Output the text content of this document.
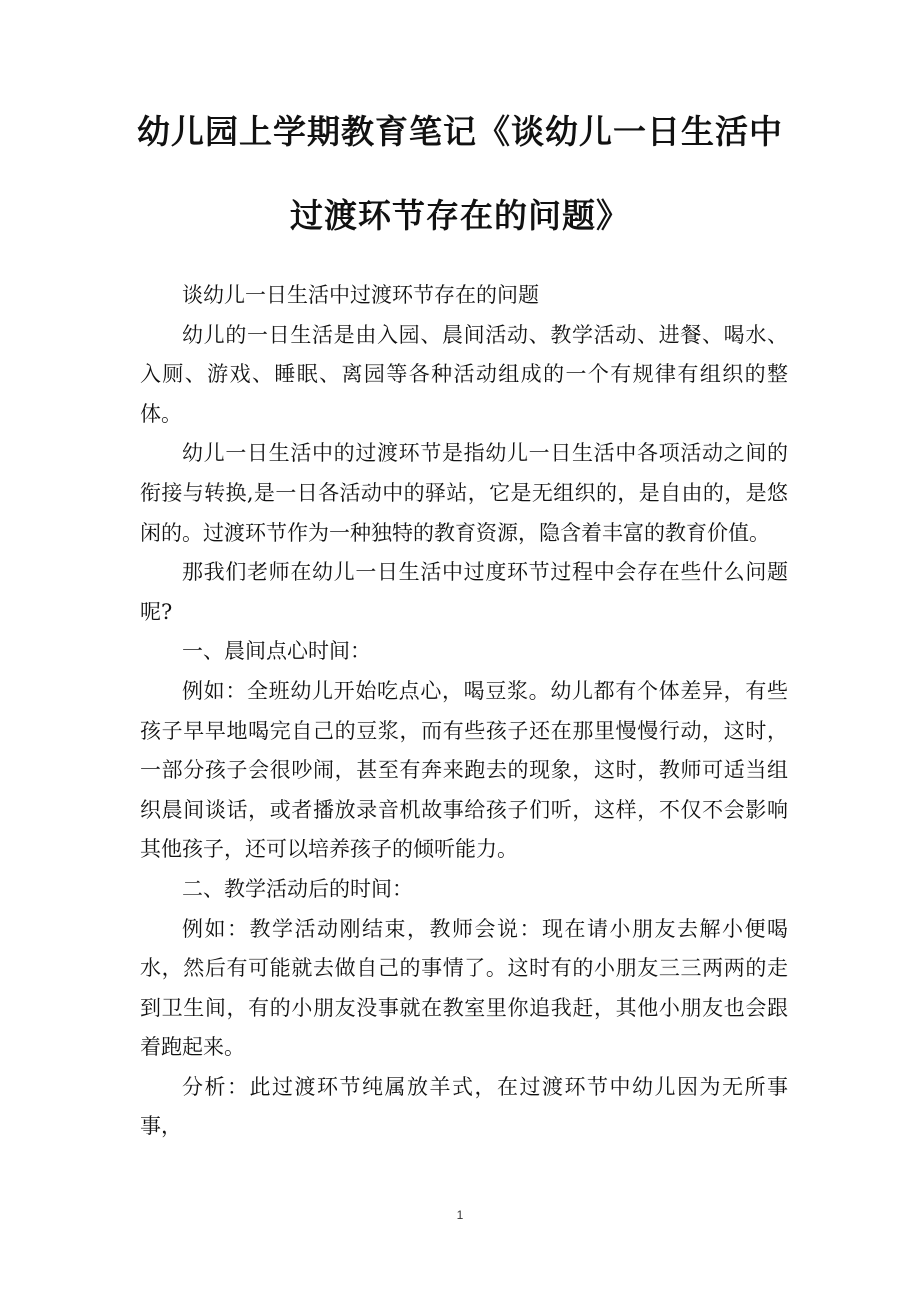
幼儿园上学期教育笔记《谈幼儿一日生活中
过渡环节存在的问题》

谈幼儿一日生活中过渡环节存在的问题

幼儿的一日生活是由入园、晨间活动、教学活动、进餐、喝水、入厕、游戏、睡眠、离园等各种活动组成的一个有规律有组织的整体。

幼儿一日生活中的过渡环节是指幼儿一日生活中各项活动之间的衔接与转换,是一日各活动中的驿站，它是无组织的，是自由的，是悠闲的。过渡环节作为一种独特的教育资源，隐含着丰富的教育价值。

那我们老师在幼儿一日生活中过度环节过程中会存在些什么问题呢?

一、晨间点心时间：

例如：全班幼儿开始吃点心，喝豆浆。幼儿都有个体差异，有些孩子早早地喝完自己的豆浆，而有些孩子还在那里慢慢行动，这时，一部分孩子会很吵闹，甚至有奔来跑去的现象，这时，教师可适当组织晨间谈话，或者播放录音机故事给孩子们听，这样，不仅不会影响其他孩子，还可以培养孩子的倾听能力。

二、教学活动后的时间：

例如：教学活动刚结束，教师会说：现在请小朋友去解小便喝水，然后有可能就去做自己的事情了。这时有的小朋友三三两两的走到卫生间，有的小朋友没事就在教室里你追我赶，其他小朋友也会跟着跑起来。

分析：此过渡环节纯属放羊式，在过渡环节中幼儿因为无所事事，

1
